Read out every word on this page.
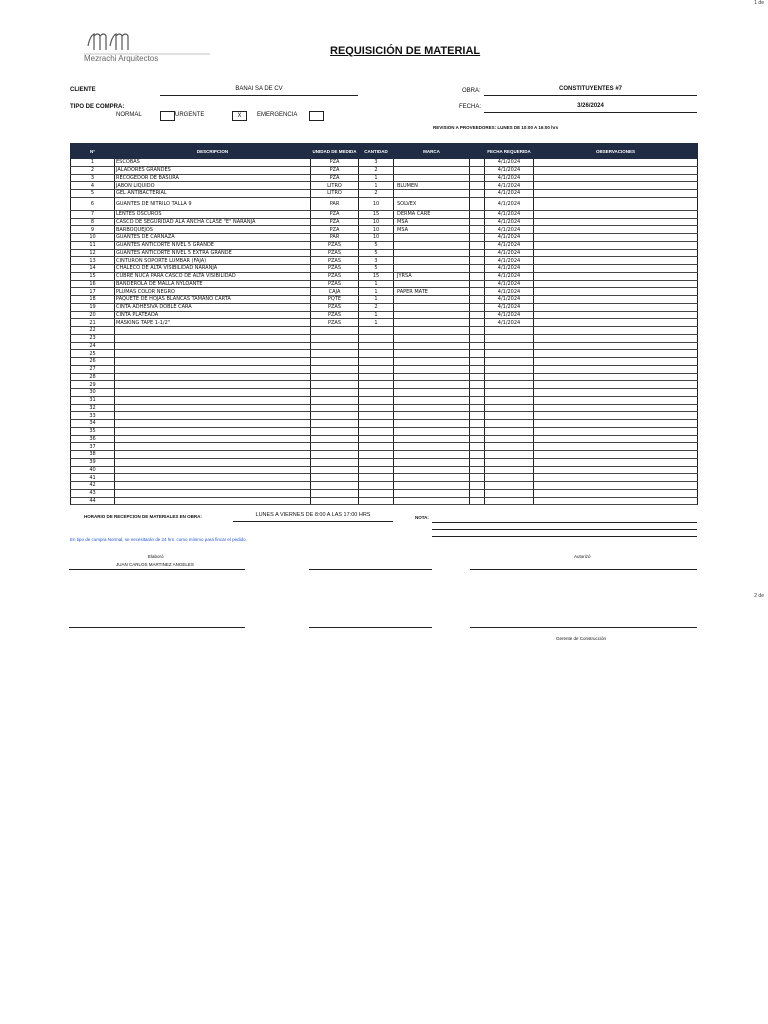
1 de
Mezrachi Arquitectos
REQUISICIÓN DE MATERIAL
CLIENTE	BANAI SA DE CV	OBRA:	CONSTITUYENTES #7
TIPO DE COMPRA:
NORMAL	URGENTE	X	EMERGENCIA
FECHA:	3/26/2024
REVISION A PROVEEDORES: LUNES DE 10:00 A 16:00 hrs
N°	DESCRIPCION	UNIDAD DE MEDIDA	CANTIDAD	MARCA		FECHA REQUERIDA	OBSERVACIONES
1	ESCOBAS	PZA	3			4/1/2024	
2	JALADORES GRANDES	PZA	2			4/1/2024	
3	RECOGEDOR DE BASURA	PZA	1			4/1/2024	
4	JABON LIQUIDO	LITRO	1	BLUMEN		4/1/2024	
5	GEL ANTIBACTERIAL	LITRO	2			4/1/2024	
6	GUANTES DE NITRILO TALLA 9	PAR	10	SOLVEX		4/1/2024	
7	LENTES OSCUROS	PZA	15	DERMA CARE		4/1/2024	
8	CASCO DE SEGURIDAD ALA ANCHA CLASE "E" NARANJA	PZA	10	MSA		4/1/2024	
9	BARBOQUEJOS	PZA	10	MSA		4/1/2024	
10	GUANTES DE CARNAZA	PAR	10			4/1/2024	
11	GUANTES ANTICORTE NIVEL 5 GRANDE	PZAS	5			4/1/2024	
12	GUANTES ANTICORTE NIVEL 5 EXTRA GRANDE	PZAS	5			4/1/2024	
13	CINTURON SOPORTE LUMBAR (FAJA)	PZAS	3			4/1/2024	
14	CHALECO DE ALTA VISIBILIDAD NARANJA	PZAS	5			4/1/2024	
15	CUBRE NUCA PARA CASCO DE ALTA VISIBILIDAD	PZAS	15	JYRSA		4/1/2024	
16	BANDEROLA DE MALLA NYLOANTE	PZAS	1			4/1/2024	
17	PLUMAS COLOR NEGRO	CAJA	1	PAPER MATE		4/1/2024	
18	PAQUETE DE HOJAS BLANCAS TAMAÑO CARTA	PQTE	1			4/1/2024	
19	CINTA ADHESIVA DOBLE CARA	PZAS	2			4/1/2024	
20	CINTA PLATEADA	PZAS	1			4/1/2024	
21	MASKING TAPE 1-1/2"	PZAS	1			4/1/2024	
22							
23							
24							
25							
26							
27							
28							
29							
30							
31							
32							
33							
34							
35							
36							
37							
38							
39							
40							
41							
42							
43							
44							
HORARIO DE RECEPCION DE MATERIALES EN OBRA:	LUNES A VIERNES DE 8:00 A LAS 17:00 HRS	NOTA:
En tipo de compra Normal, se necesitarán de 24 hrs. como mínimo para fincar el pedido.
Elaboró
JUAN CARLOS MARTINEZ ANGELES
Autorizó
2 de
Gerente de Construcción
